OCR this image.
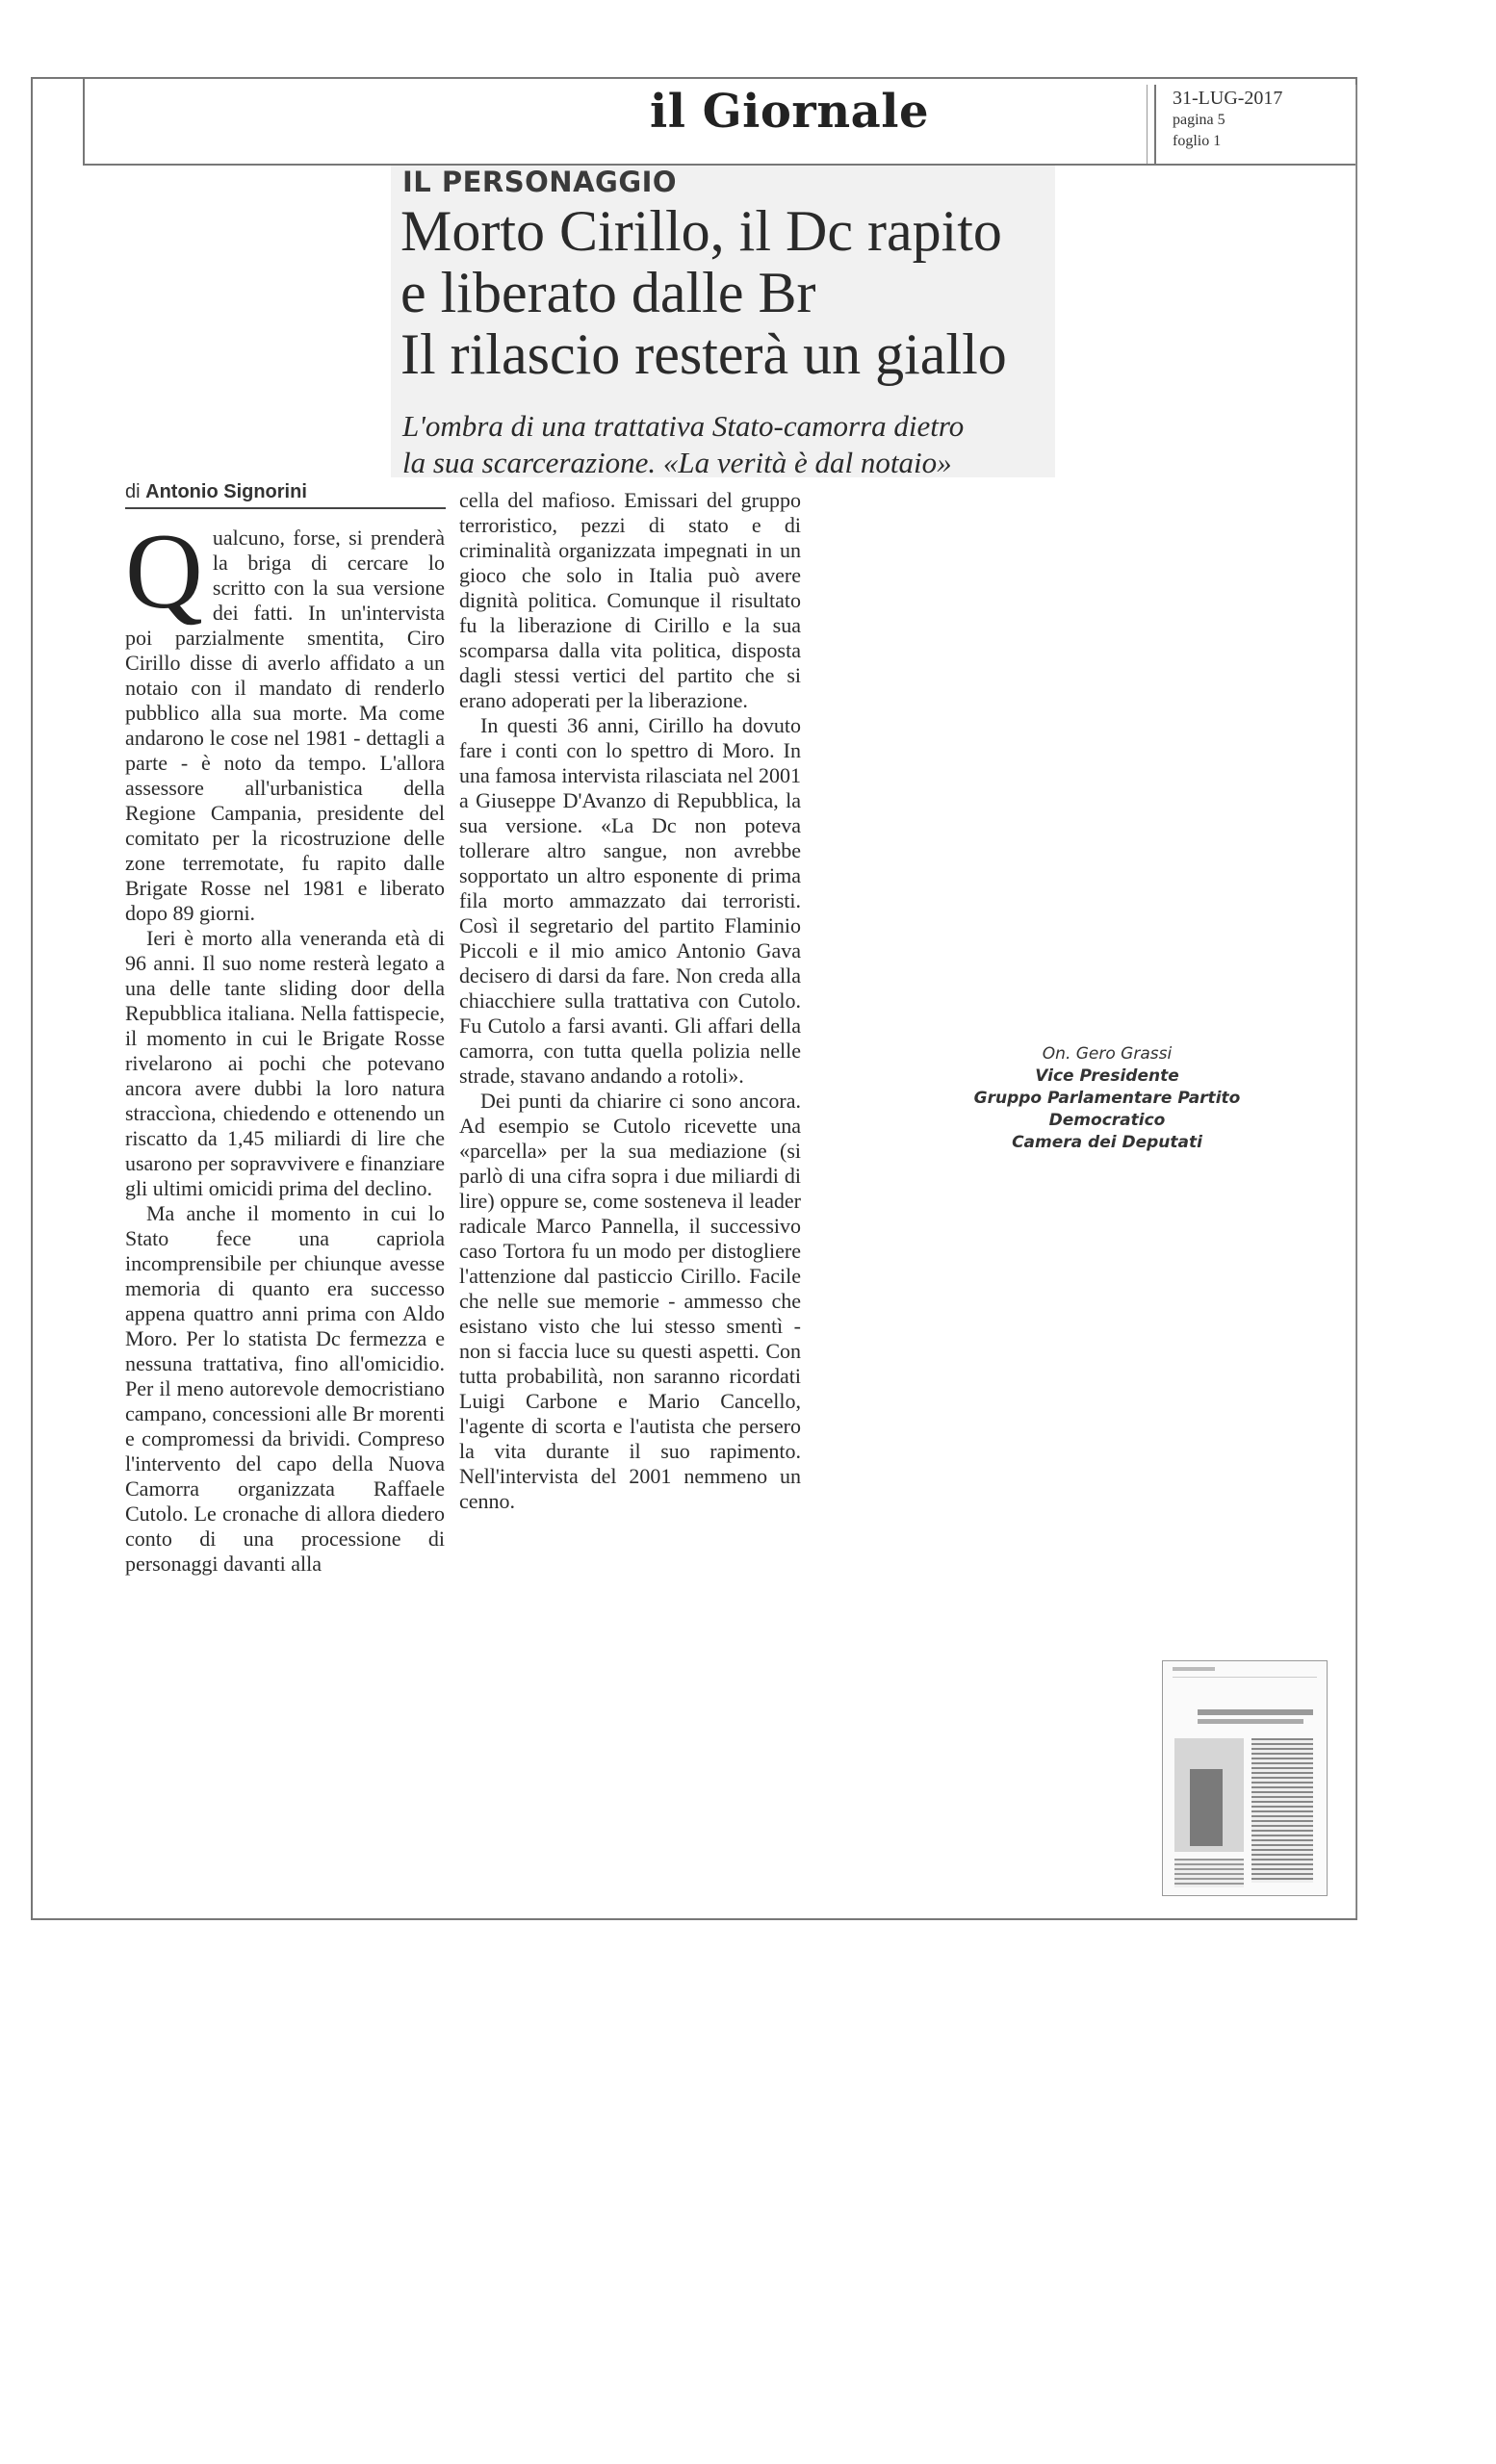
il Giornale	31-LUG-2017
pagina 5
foglio 1
IL PERSONAGGIO
Morto Cirillo, il Dc rapito
e liberato dalle Br
Il rilascio resterà un giallo
L'ombra di una trattativa Stato-camorra dietro
la sua scarcerazione. «La verità è dal notaio»
di Antonio Signorini

Qualcuno, forse, si prenderà la briga di cercare lo scritto con la sua versione dei fatti. In un'intervista poi parzialmente smentita, Ciro Cirillo disse di averlo affidato a un notaio con il mandato di renderlo pubblico alla sua morte. Ma come andarono le cose nel 1981 - dettagli a parte - è noto da tempo. L'allora assessore all'urbanistica della Regione Campania, presidente del comitato per la ricostruzione delle zone terremotate, fu rapito dalle Brigate Rosse nel 1981 e liberato dopo 89 giorni.

Ieri è morto alla veneranda età di 96 anni. Il suo nome resterà legato a una delle tante sliding door della Repubblica italiana. Nella fattispecie, il momento in cui le Brigate Rosse rivelarono ai pochi che potevano ancora avere dubbi la loro natura straccìona, chiedendo e ottenendo un riscatto da 1,45 miliardi di lire che usarono per sopravvivere e finanziare gli ultimi omicidi prima del declino.

Ma anche il momento in cui lo Stato fece una capriola incomprensibile per chiunque avesse memoria di quanto era successo appena quattro anni prima con Aldo Moro. Per lo statista Dc fermezza e nessuna trattativa, fino all'omicidio. Per il meno autorevole democristiano campano, concessioni alle Br morenti e compromessi da brividi. Compreso l'intervento del capo della Nuova Camorra organizzata Raffaele Cutolo. Le cronache di allora diedero conto di una processione di personaggi davanti alla

cella del mafioso. Emissari del gruppo terroristico, pezzi di stato e di criminalità organizzata impegnati in un gioco che solo in Italia può avere dignità politica. Comunque il risultato fu la liberazione di Cirillo e la sua scomparsa dalla vita politica, disposta dagli stessi vertici del partito che si erano adoperati per la liberazione.

In questi 36 anni, Cirillo ha dovuto fare i conti con lo spettro di Moro. In una famosa intervista rilasciata nel 2001 a Giuseppe D'Avanzo di Repubblica, la sua versione. «La Dc non poteva tollerare altro sangue, non avrebbe sopportato un altro esponente di prima fila morto ammazzato dai terroristi. Così il segretario del partito Flaminio Piccoli e il mio amico Antonio Gava decisero di darsi da fare. Non creda alla chiacchiere sulla trattativa con Cutolo. Fu Cutolo a farsi avanti. Gli affari della camorra, con tutta quella polizia nelle strade, stavano andando a rotoli».

Dei punti da chiarire ci sono ancora. Ad esempio se Cutolo ricevette una «parcella» per la sua mediazione (si parlò di una cifra sopra i due miliardi di lire) oppure se, come sosteneva il leader radicale Marco Pannella, il successivo caso Tortora fu un modo per distogliere l'attenzione dal pasticcio Cirillo. Facile che nelle sue memorie - ammesso che esistano visto che lui stesso smentì - non si faccia luce su questi aspetti. Con tutta probabilità, non saranno ricordati Luigi Carbone e Mario Cancello, l'agente di scorta e l'autista che persero la vita durante il suo rapimento. Nell'intervista del 2001 nemmeno un cenno.

On. Gero Grassi
Vice Presidente
Gruppo Parlamentare Partito Democratico
Camera dei Deputati
